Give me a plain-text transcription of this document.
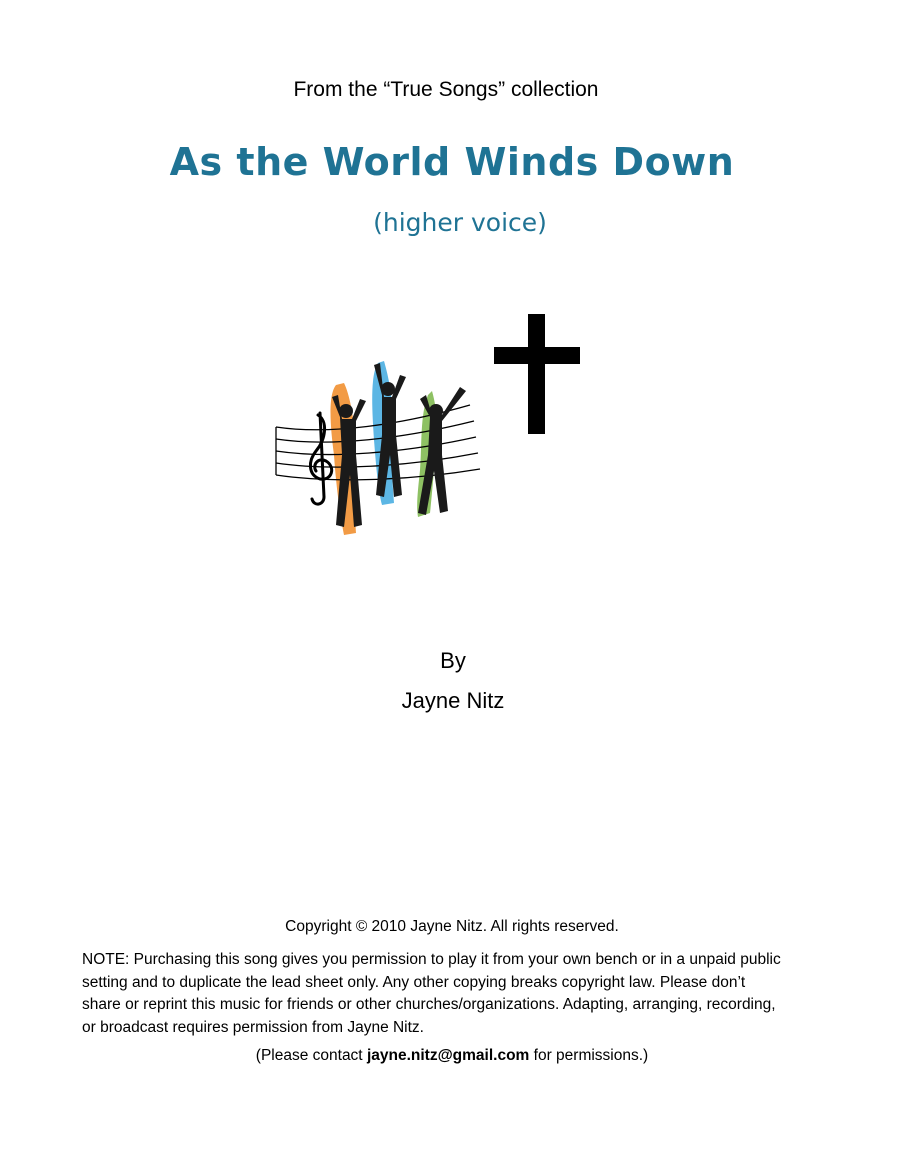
From the “True Songs” collection
As the World Winds Down
(higher voice)
By
Jayne Nitz
Copyright © 2010 Jayne Nitz. All rights reserved.

NOTE: Purchasing this song gives you permission to play it from your own bench or in a unpaid public

setting and to duplicate the lead sheet only. Any other copying breaks copyright law. Please don’t

share or reprint this music for friends or other churches/organizations. Adapting, arranging, recording,

or broadcast requires permission from Jayne Nitz.

(Please contact jayne.nitz@gmail.com for permissions.)
